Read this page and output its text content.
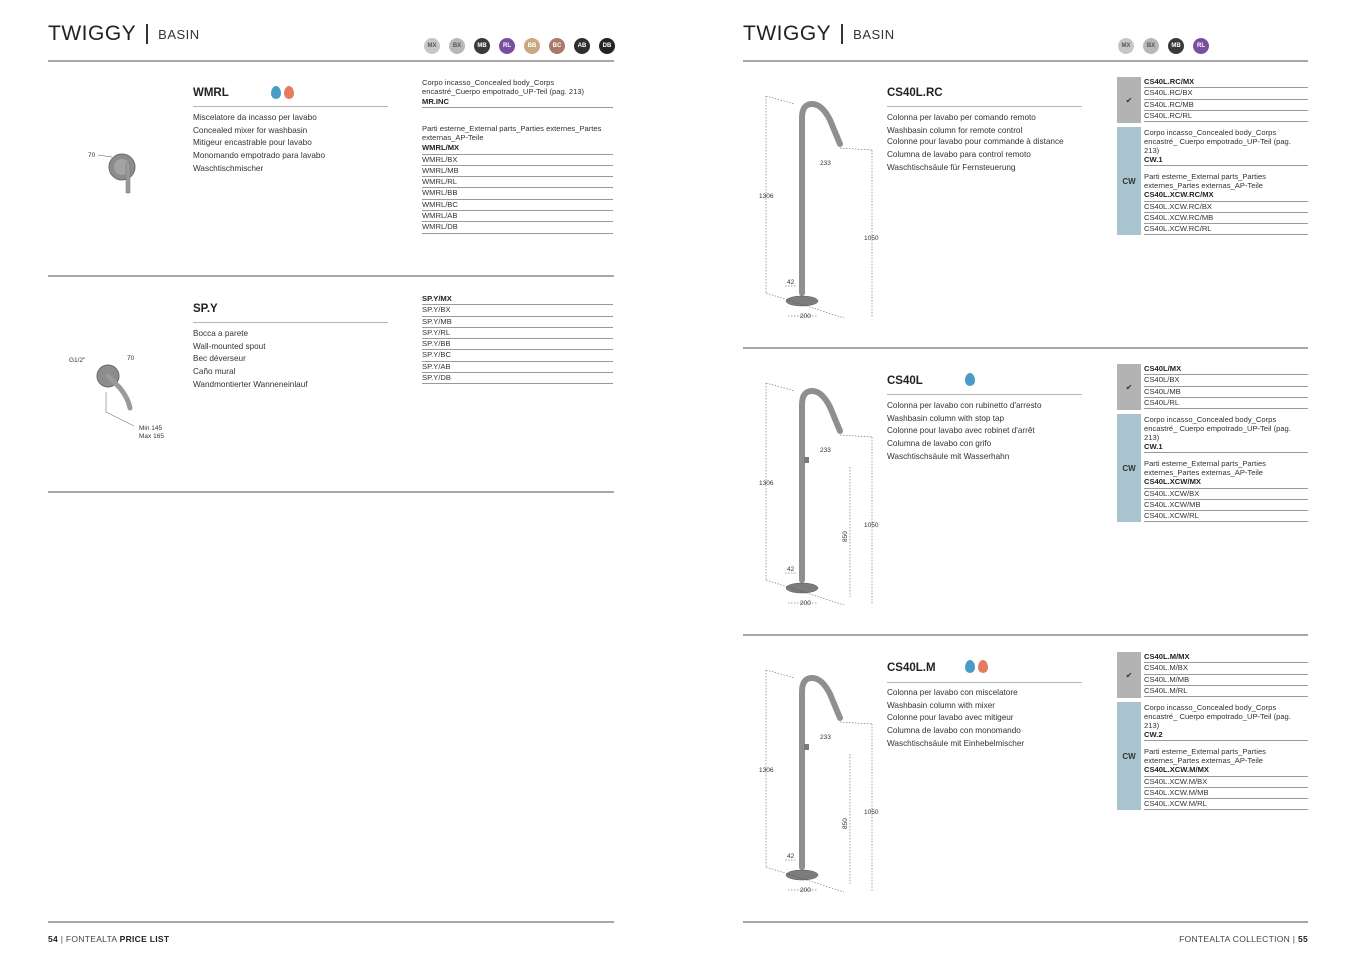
TWIGGY BASIN
MX	BX	MB	RL	BB	BC	AB	DB
70
WMRL
Miscelatore da incasso per lavabo
Concealed mixer for washbasin
Mitigeur encastrable pour lavabo
Monomando empotrado para lavabo
Waschtischmischer
Corpo incasso_Concealed body_Corps encastré_Cuerpo empotrado_UP-Teil (pag. 213)
MR.INC
Parti esterne_External parts_Parties externes_Partes externas_AP-Teile
WMRL/MX
WMRL/BX
WMRL/MB
WMRL/RL
WMRL/BB
WMRL/BC
WMRL/AB
WMRL/DB
G1/2"	70
Min 145
Max 165
SP.Y
Bocca a parete
Wall-mounted spout
Bec déverseur
Caño mural
Wandmontierter Wanneneinlauf
SP.Y/MX
SP.Y/BX
SP.Y/MB
SP.Y/RL
SP.Y/BB
SP.Y/BC
SP.Y/AB
SP.Y/DB
54 | FONTEALTA PRICE LIST
TWIGGY BASIN
MX	BX	MB	RL
1306
233
1050
42
200
CS40L.RC
Colonna per lavabo per comando remoto
Washbasin column for remote control
Colonne pour lavabo pour commande à distance
Columna de lavabo para control remoto
Waschtischsäule für Fernsteuerung
✔
CS40L.RC/MX
CS40L.RC/BX
CS40L.RC/MB
CS40L.RC/RL
CW
Corpo incasso_Concealed body_Corps encastré_ Cuerpo empotrado_UP-Teil (pag. 213)
CW.1
Parti esterne_External parts_Parties externes_Partes externas_AP-Teile
CS40L.XCW.RC/MX
CS40L.XCW.RC/BX
CS40L.XCW.RC/MB
CS40L.XCW.RC/RL
1306
233
1050
42
200
850
CS40L
Colonna per lavabo con rubinetto d'arresto
Washbasin column with stop tap
Colonne pour lavabo avec robinet d'arrêt
Columna de lavabo con grifo
Waschtischsäule mit Wasserhahn
✔
CS40L/MX
CS40L/BX
CS40L/MB
CS40L/RL
CW
Corpo incasso_Concealed body_Corps encastré_ Cuerpo empotrado_UP-Teil (pag. 213)
CW.1
Parti esterne_External parts_Parties externes_Partes externas_AP-Teile
CS40L.XCW/MX
CS40L.XCW/BX
CS40L.XCW/MB
CS40L.XCW/RL
1306
233
1050
42
200
850
CS40L.M
Colonna per lavabo con miscelatore
Washbasin column with mixer
Colonne pour lavabo avec mitigeur
Columna de lavabo con monomando
Waschtischsäule mit Einhebelmischer
✔
CS40L.M/MX
CS40L.M/BX
CS40L.M/MB
CS40L.M/RL
CW
Corpo incasso_Concealed body_Corps encastré_ Cuerpo empotrado_UP-Teil (pag. 213)
CW.2
Parti esterne_External parts_Parties externes_Partes externas_AP-Teile
CS40L.XCW.M/MX
CS40L.XCW.M/BX
CS40L.XCW.M/MB
CS40L.XCW.M/RL
FONTEALTA COLLECTION | 55
